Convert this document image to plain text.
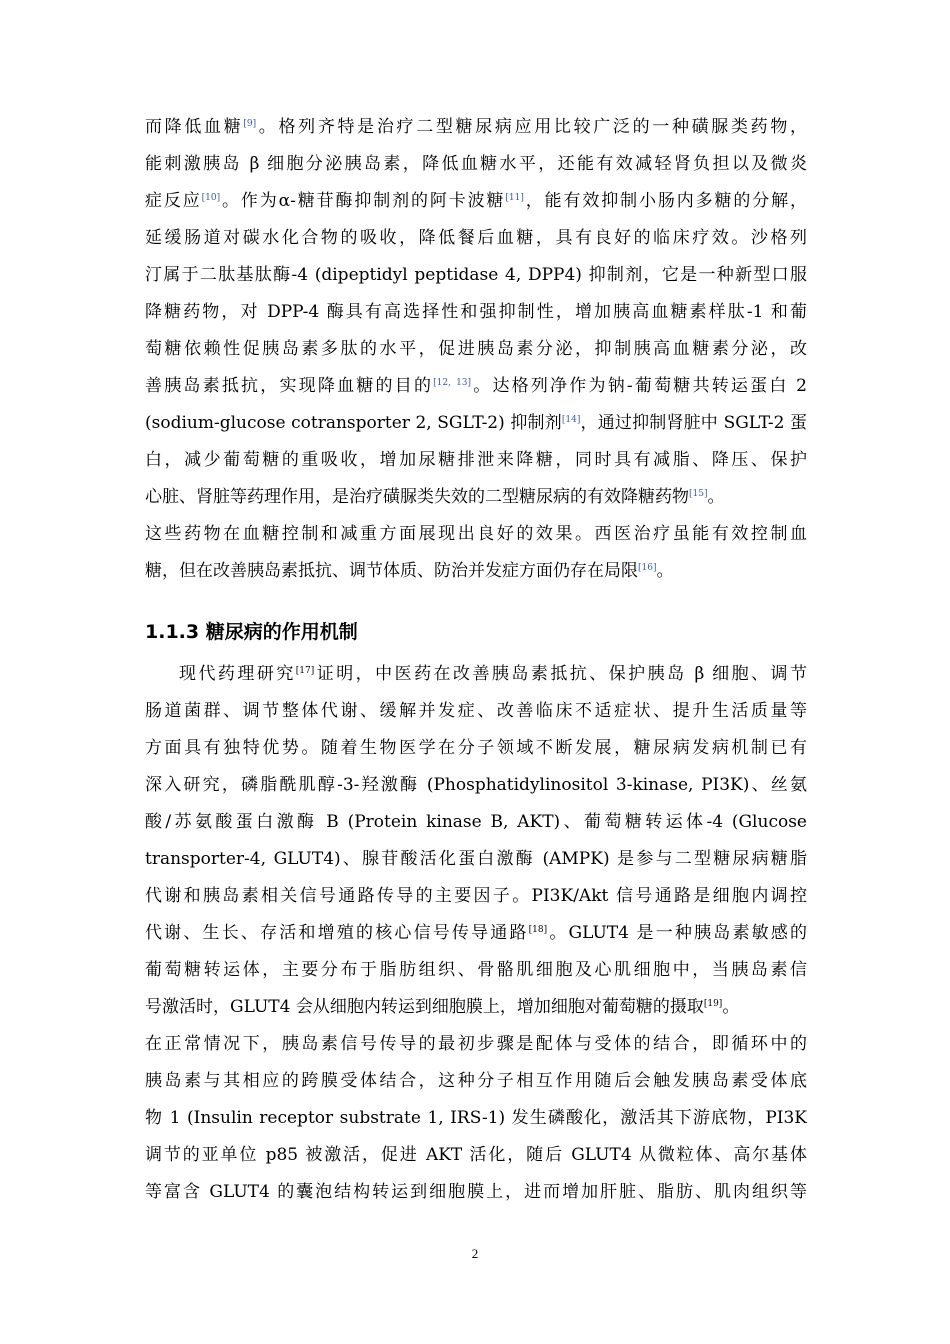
而降低血糖[9]。格列齐特是治疗二型糖尿病应用比较广泛的一种磺脲类药物，
能刺激胰岛 β 细胞分泌胰岛素，降低血糖水平，还能有效减轻肾负担以及微炎
症反应[10]。作为α-糖苷酶抑制剂的阿卡波糖[11]，能有效抑制小肠内多糖的分解，
延缓肠道对碳水化合物的吸收，降低餐后血糖，具有良好的临床疗效。沙格列
汀属于二肽基肽酶-4 (dipeptidyl peptidase 4, DPP4) 抑制剂，它是一种新型口服
降糖药物，对 DPP-4 酶具有高选择性和强抑制性，增加胰高血糖素样肽-1 和葡
萄糖依赖性促胰岛素多肽的水平，促进胰岛素分泌，抑制胰高血糖素分泌，改
善胰岛素抵抗，实现降血糖的目的[12, 13]。达格列净作为钠-葡萄糖共转运蛋白 2
(sodium-glucose cotransporter 2, SGLT-2) 抑制剂[14]，通过抑制肾脏中 SGLT-2 蛋
白，减少葡萄糖的重吸收，增加尿糖排泄来降糖，同时具有减脂、降压、保护
心脏、肾脏等药理作用，是治疗磺脲类失效的二型糖尿病的有效降糖药物[15]。
这些药物在血糖控制和减重方面展现出良好的效果。西医治疗虽能有效控制血
糖，但在改善胰岛素抵抗、调节体质、防治并发症方面仍存在局限[16]。
1.1.3 糖尿病的作用机制
现代药理研究[17]证明，中医药在改善胰岛素抵抗、保护胰岛 β 细胞、调节
肠道菌群、调节整体代谢、缓解并发症、改善临床不适症状、提升生活质量等
方面具有独特优势。随着生物医学在分子领域不断发展，糖尿病发病机制已有
深入研究，磷脂酰肌醇-3-羟激酶 (Phosphatidylinositol 3-kinase, PI3K)、丝氨
酸/苏氨酸蛋白激酶 B (Protein kinase B, AKT)、葡萄糖转运体-4 (Glucose
transporter-4, GLUT4)、腺苷酸活化蛋白激酶 (AMPK) 是参与二型糖尿病糖脂
代谢和胰岛素相关信号通路传导的主要因子。PI3K/Akt 信号通路是细胞内调控
代谢、生长、存活和增殖的核心信号传导通路[18]。GLUT4 是一种胰岛素敏感的
葡萄糖转运体，主要分布于脂肪组织、骨骼肌细胞及心肌细胞中，当胰岛素信
号激活时，GLUT4 会从细胞内转运到细胞膜上，增加细胞对葡萄糖的摄取[19]。
在正常情况下，胰岛素信号传导的最初步骤是配体与受体的结合，即循环中的
胰岛素与其相应的跨膜受体结合，这种分子相互作用随后会触发胰岛素受体底
物 1 (Insulin receptor substrate 1, IRS-1) 发生磷酸化，激活其下游底物，PI3K
调节的亚单位 p85 被激活，促进 AKT 活化，随后 GLUT4 从微粒体、高尔基体
等富含 GLUT4 的囊泡结构转运到细胞膜上，进而增加肝脏、脂肪、肌肉组织等
2
